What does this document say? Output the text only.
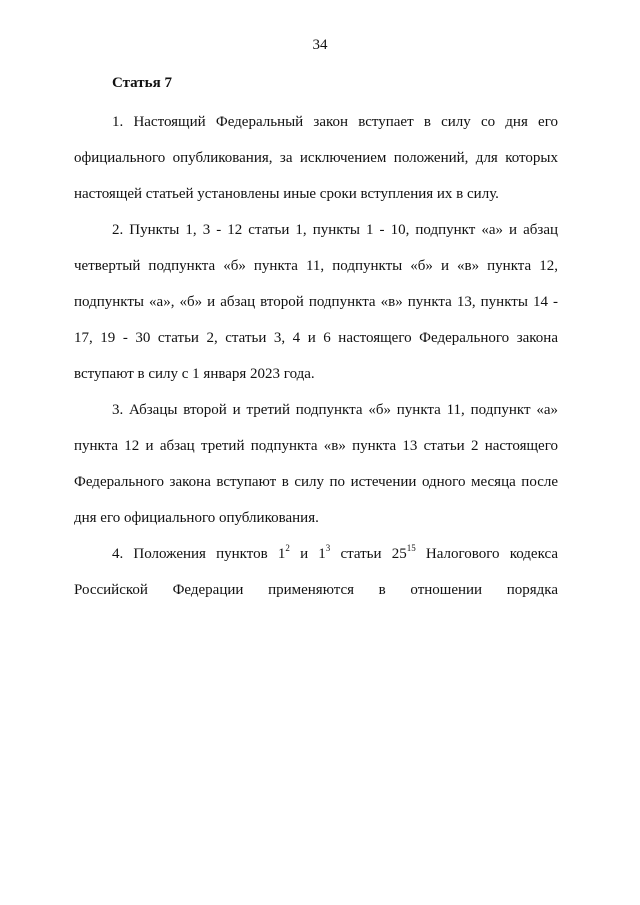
34
Статья 7

1. Настоящий Федеральный закон вступает в силу со дня его официального опубликования, за исключением положений, для которых настоящей статьей установлены иные сроки вступления их в силу.

2. Пункты 1, 3 - 12 статьи 1, пункты 1 - 10, подпункт «а» и абзац четвертый подпункта «б» пункта 11, подпункты «б» и «в» пункта 12, подпункты «а», «б» и абзац второй подпункта «в» пункта 13, пункты 14 - 17, 19 - 30 статьи 2, статьи 3, 4 и 6 настоящего Федерального закона вступают в силу с 1 января 2023 года.

3. Абзацы второй и третий подпункта «б» пункта 11, подпункт «а» пункта 12 и абзац третий подпункта «в» пункта 13 статьи 2 настоящего Федерального закона вступают в силу по истечении одного месяца после дня его официального опубликования.

4. Положения пунктов $1^2$ и $1^3$ статьи $25^{15}$ Налогового кодекса Российской Федерации применяются в отношении порядка
